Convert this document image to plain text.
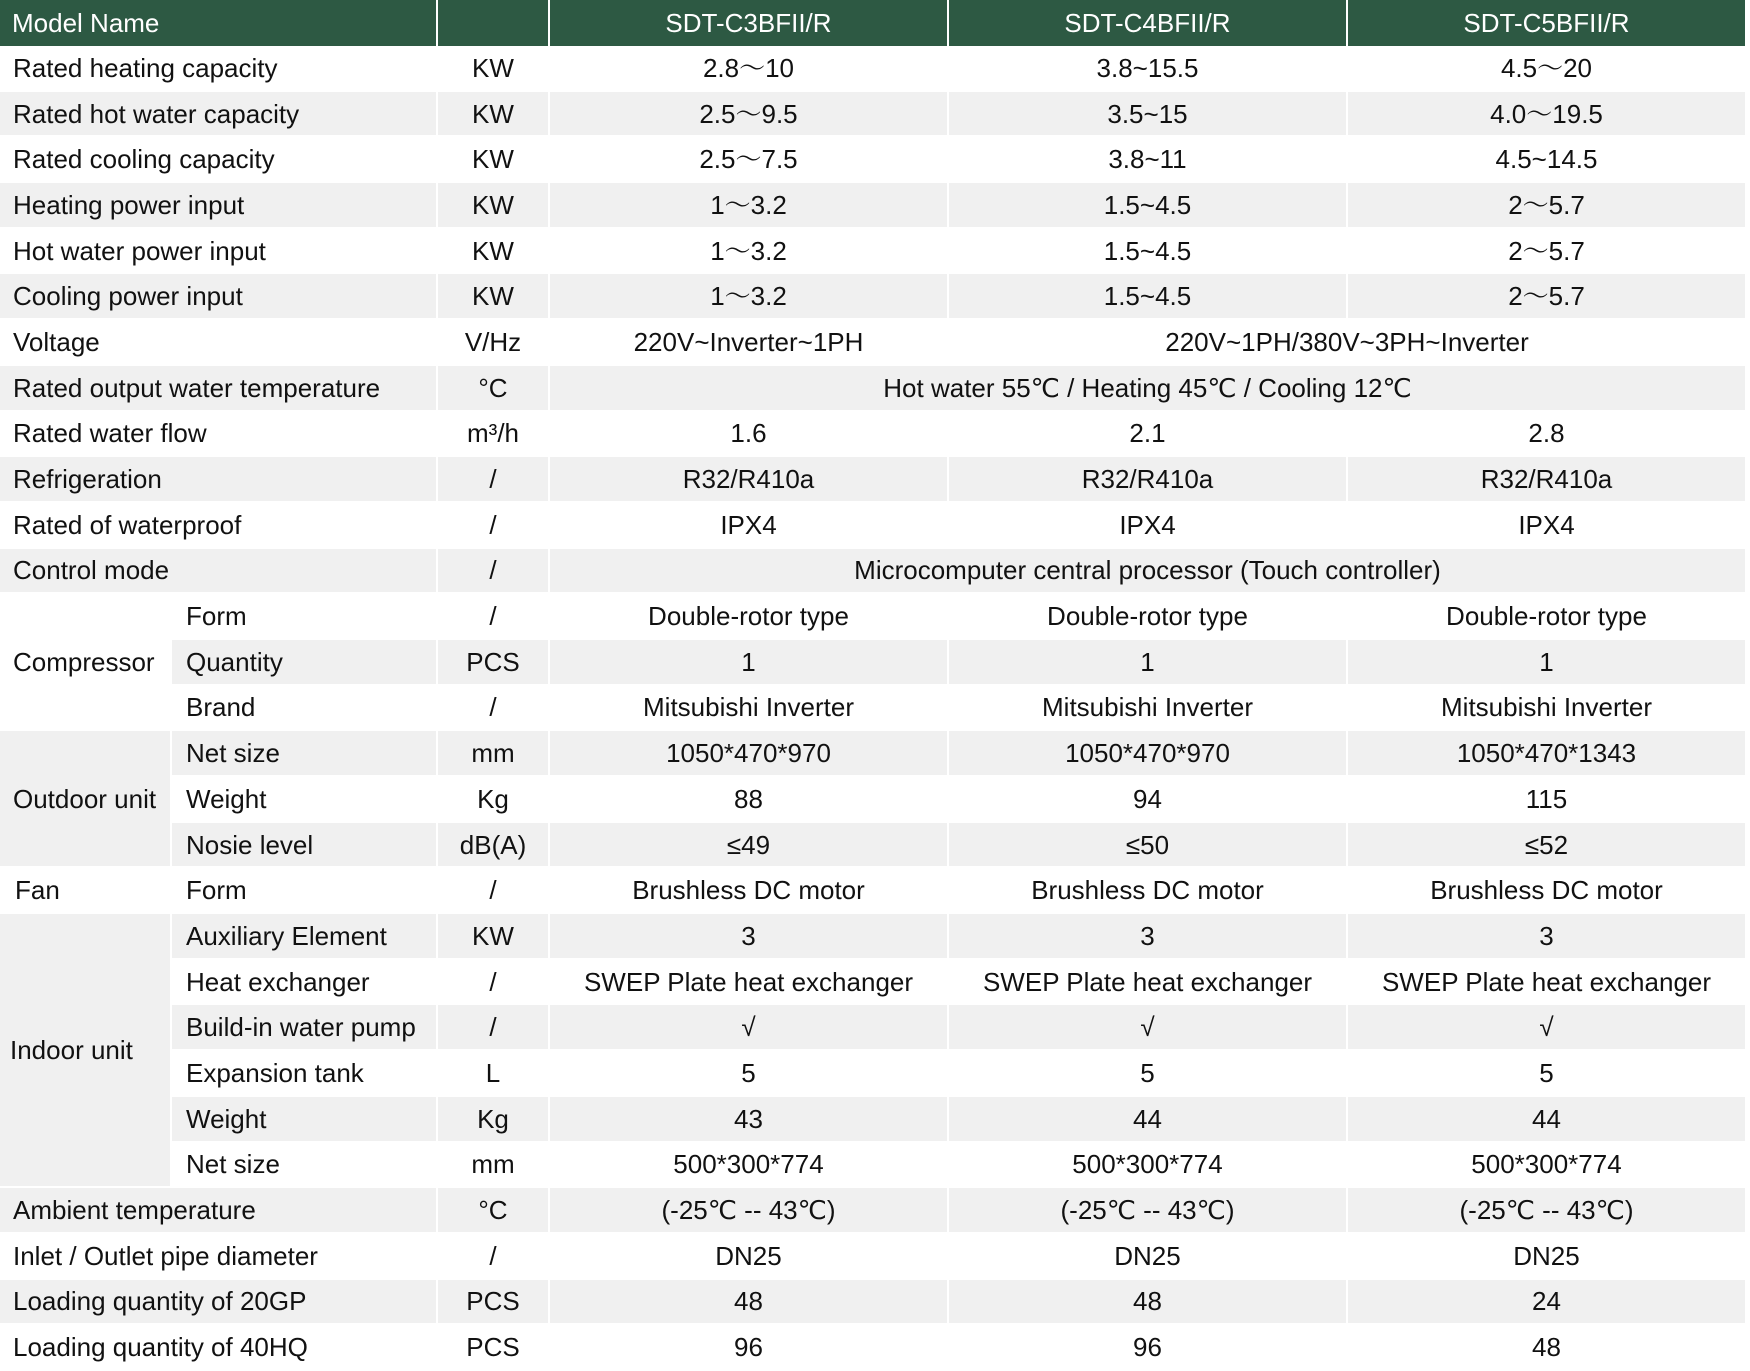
Model Name			SDT-C3BFII/R	SDT-C4BFII/R	SDT-C5BFII/R
Rated heating capacity		KW	2.8～10	3.8~15.5	4.5～20
Rated hot water capacity		KW	2.5～9.5	3.5~15	4.0～19.5
Rated cooling capacity		KW	2.5～7.5	3.8~11	4.5~14.5
Heating power input		KW	1～3.2	1.5~4.5	2～5.7
Hot water power input		KW	1～3.2	1.5~4.5	2～5.7
Cooling power input		KW	1～3.2	1.5~4.5	2～5.7
Voltage		V/Hz	220V~Inverter~1PH	220V~1PH/380V~3PH~Inverter	
Rated output water temperature		°C	Hot water 55℃ / Heating 45℃ / Cooling 12℃		
Rated water flow		m³/h	1.6	2.1	2.8
Refrigeration		/	R32/R410a	R32/R410a	R32/R410a
Rated of waterproof		/	IPX4	IPX4	IPX4
Control mode		/	Microcomputer central processor (Touch controller)		
Compressor	Form	/	Double-rotor type	Double-rotor type	Double-rotor type
	Quantity	PCS	1	1	1
	Brand	/	Mitsubishi Inverter	Mitsubishi Inverter	Mitsubishi Inverter
Outdoor unit	Net size	mm	1050*470*970	1050*470*970	1050*470*1343
	Weight	Kg	88	94	115
	Nosie level	dB(A)	≤49	≤50	≤52
Fan	Form	/	Brushless DC motor	Brushless DC motor	Brushless DC motor
Indoor unit	Auxiliary Element	KW	3	3	3
	Heat exchanger	/	SWEP Plate heat exchanger	SWEP Plate heat exchanger	SWEP Plate heat exchanger
	Build-in water pump	/	√	√	√
	Expansion tank	L	5	5	5
	Weight	Kg	43	44	44
	Net size	mm	500*300*774	500*300*774	500*300*774
Ambient temperature		°C	(-25℃ -- 43℃)	(-25℃ -- 43℃)	(-25℃ -- 43℃)
Inlet / Outlet pipe diameter		/	DN25	DN25	DN25
Loading quantity of 20GP		PCS	48	48	24
Loading quantity of 40HQ		PCS	96	96	48
